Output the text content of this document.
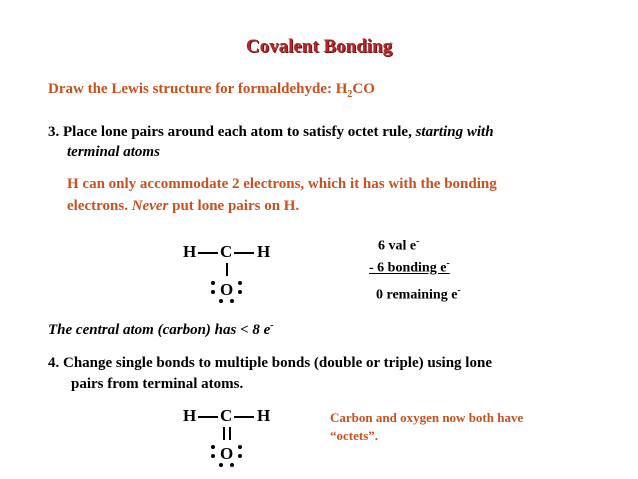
Covalent Bonding
Draw the Lewis structure for formaldehyde: $H_2CO$
3. Place lone pairs around each atom to satisfy octet rule, starting with
terminal atoms
H can only accommodate 2 electrons, which it has with the bonding
electrons. Never put lone pairs on H.
H C H
O
6 val e-
- 6 bonding e-
0 remaining e-
The central atom (carbon) has < 8 e-
4. Change single bonds to multiple bonds (double or triple) using lone
pairs from terminal atoms.
H C H
O
Carbon and oxygen now both have
“octets”.
